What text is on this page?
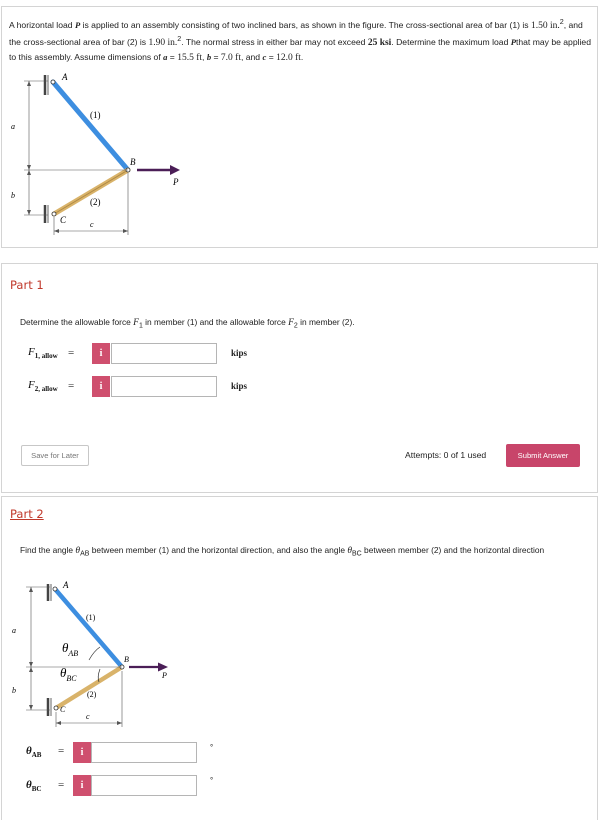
A horizontal load P is applied to an assembly consisting of two inclined bars, as shown in the figure. The cross-sectional area of bar (1) is 1.50 in.$^2$, and the cross-sectional area of bar (2) is 1.90 in.$^2$. The normal stress in either bar may not exceed 25 ksi. Determine the maximum load Pthat may be applied to this assembly. Assume dimensions of a = 15.5 ft, b = 7.0 ft, and c = 12.0 ft.
A
B
C
P
(1)
(2)
a
b
c
Part 1
Determine the allowable force $F_1$ in member (1) and the allowable force $F_2$ in member (2).
$F_{1, allow}$ =	i	kips
$F_{2, allow}$ =	i	kips
Save for Later	Attempts: 0 of 1 used	Submit Answer
Part 2
Find the angle $\theta_{AB}$ between member (1) and the horizontal direction, and also the angle $\theta_{BC}$ between member (2) and the horizontal direction
A
B
C
P
(1)
(2)
a
b
c
$\theta_{AB}$
$\theta_{BC}$
$\theta_{AB}$ =	i	°
$\theta_{BC}$ =	i	°
